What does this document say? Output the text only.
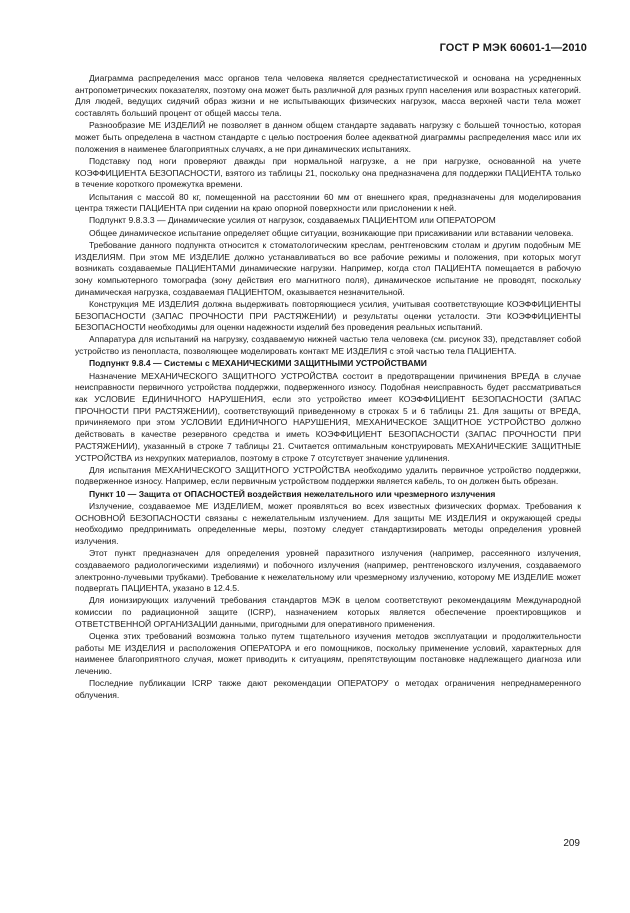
ГОСТ Р МЭК 60601-1—2010

Диаграмма распределения масс органов тела человека является среднестатистической и основана на усредненных антропометрических показателях, поэтому она может быть различной для разных групп населения или возрастных категорий. Для людей, ведущих сидячий образ жизни и не испытывающих физических нагрузок, масса верхней части тела может составлять больший процент от общей массы тела.

Разнообразие МЕ ИЗДЕЛИЙ не позволяет в данном общем стандарте задавать нагрузку с большей точностью, которая может быть определена в частном стандарте с целью построения более адекватной диаграммы распределения масс или их положения в наименее благоприятных случаях, а не при динамических испытаниях.

Подставку под ноги проверяют дважды при нормальной нагрузке, а не при нагрузке, основанной на учете КОЭФФИЦИЕНТА БЕЗОПАСНОСТИ, взятого из таблицы 21, поскольку она предназначена для поддержки ПАЦИЕНТА только в течение короткого промежутка времени.

Испытания с массой 80 кг, помещенной на расстоянии 60 мм от внешнего края, предназначены для моделирования центра тяжести ПАЦИЕНТА при сидении на краю опорной поверхности или прислонении к ней.

Подпункт 9.8.3.3 — Динамические усилия от нагрузок, создаваемых ПАЦИЕНТОМ или ОПЕРАТОРОМ

Общее динамическое испытание определяет общие ситуации, возникающие при присаживании или вставании человека.

Требование данного подпункта относится к стоматологическим креслам, рентгеновским столам и другим подобным МЕ ИЗДЕЛИЯМ. При этом МЕ ИЗДЕЛИЕ должно устанавливаться во все рабочие режимы и положения, при которых могут возникать создаваемые ПАЦИЕНТАМИ динамические нагрузки. Например, когда стол ПАЦИЕНТА помещается в рабочую зону компьютерного томографа (зону действия его магнитного поля), динамическое испытание не проводят, поскольку динамическая нагрузка, создаваемая ПАЦИЕНТОМ, оказывается незначительной.

Конструкция МЕ ИЗДЕЛИЯ должна выдерживать повторяющиеся усилия, учитывая соответствующие КОЭФФИЦИЕНТЫ БЕЗОПАСНОСТИ (ЗАПАС ПРОЧНОСТИ ПРИ РАСТЯЖЕНИИ) и результаты оценки усталости. Эти КОЭФФИЦИЕНТЫ БЕЗОПАСНОСТИ необходимы для оценки надежности изделий без проведения реальных испытаний.

Аппаратура для испытаний на нагрузку, создаваемую нижней частью тела человека (см. рисунок 33), представляет собой устройство из пенопласта, позволяющее моделировать контакт МЕ ИЗДЕЛИЯ с этой частью тела ПАЦИЕНТА.

Подпункт 9.8.4 — Системы с МЕХАНИЧЕСКИМИ ЗАЩИТНЫМИ УСТРОЙСТВАМИ

Назначение МЕХАНИЧЕСКОГО ЗАЩИТНОГО УСТРОЙСТВА состоит в предотвращении причинения ВРЕДА в случае неисправности первичного устройства поддержки, подверженного износу. Подобная неисправность будет рассматриваться как УСЛОВИЕ ЕДИНИЧНОГО НАРУШЕНИЯ, если это устройство имеет КОЭФФИЦИЕНТ БЕЗОПАСНОСТИ (ЗАПАС ПРОЧНОСТИ ПРИ РАСТЯЖЕНИИ), соответствующий приведенному в строках 5 и 6 таблицы 21. Для защиты от ВРЕДА, причиняемого при этом УСЛОВИИ ЕДИНИЧНОГО НАРУШЕНИЯ, МЕХАНИЧЕСКОЕ ЗАЩИТНОЕ УСТРОЙСТВО должно действовать в качестве резервного средства и иметь КОЭФФИЦИЕНТ БЕЗОПАСНОСТИ (ЗАПАС ПРОЧНОСТИ ПРИ РАСТЯЖЕНИИ), указанный в строке 7 таблицы 21. Считается оптимальным конструировать МЕХАНИЧЕСКИЕ ЗАЩИТНЫЕ УСТРОЙСТВА из нехрупких материалов, поэтому в строке 7 отсутствует значение удлинения.

Для испытания МЕХАНИЧЕСКОГО ЗАЩИТНОГО УСТРОЙСТВА необходимо удалить первичное устройство поддержки, подверженное износу. Например, если первичным устройством поддержки является кабель, то он должен быть обрезан.

Пункт 10 — Защита от ОПАСНОСТЕЙ воздействия нежелательного или чрезмерного излучения

Излучение, создаваемое МЕ ИЗДЕЛИЕМ, может проявляться во всех известных физических формах. Требования к ОСНОВНОЙ БЕЗОПАСНОСТИ связаны с нежелательным излучением. Для защиты МЕ ИЗДЕЛИЯ и окружающей среды необходимо предпринимать определенные меры, поэтому следует стандартизировать методы определения уровней излучения.

Этот пункт предназначен для определения уровней паразитного излучения (например, рассеянного излучения, создаваемого радиологическими изделиями) и побочного излучения (например, рентгеновского излучения, создаваемого электронно-лучевыми трубками). Требование к нежелательному или чрезмерному излучению, которому МЕ ИЗДЕЛИЕ может подвергать ПАЦИЕНТА, указано в 12.4.5.

Для ионизирующих излучений требования стандартов МЭК в целом соответствуют рекомендациям Международной комиссии по радиационной защите (ICRP), назначением которых является обеспечение проектировщиков и ОТВЕТСТВЕННОЙ ОРГАНИЗАЦИИ данными, пригодными для оперативного применения.

Оценка этих требований возможна только путем тщательного изучения методов эксплуатации и продолжительности работы МЕ ИЗДЕЛИЯ и расположения ОПЕРАТОРА и его помощников, поскольку применение условий, характерных для наименее благоприятного случая, может приводить к ситуациям, препятствующим постановке надлежащего диагноза или лечению.

Последние публикации ICRP также дают рекомендации ОПЕРАТОРУ о методах ограничения непреднамеренного облучения.

209
